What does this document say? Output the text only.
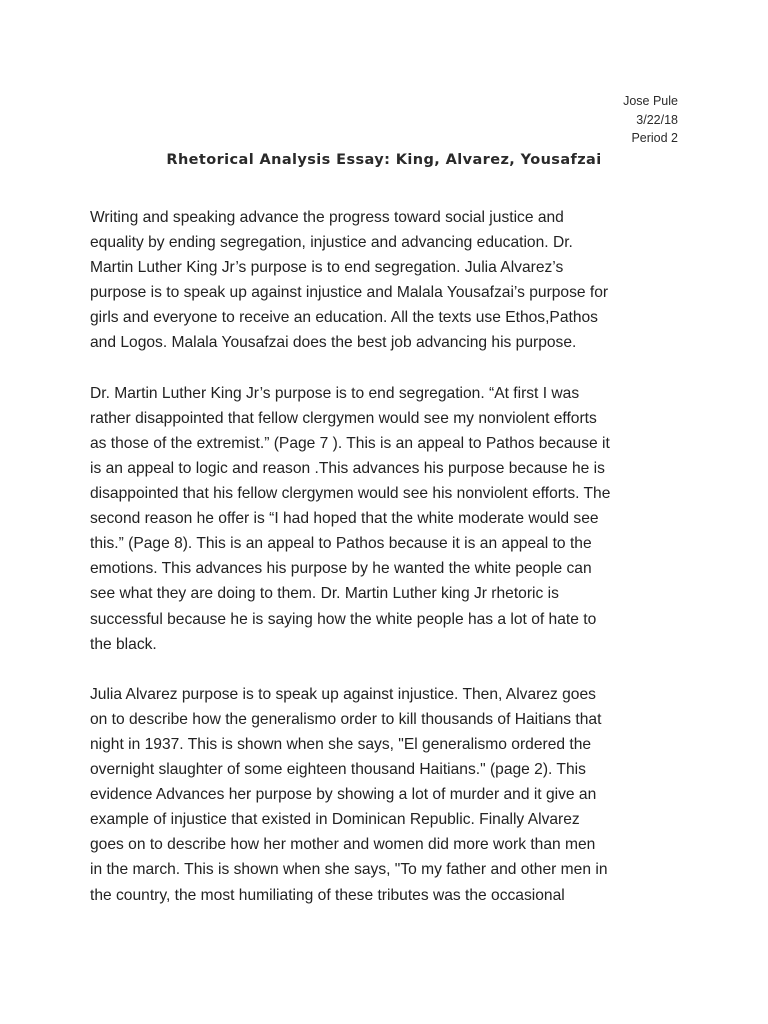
Jose Pule
3/22/18
Period 2
Rhetorical Analysis Essay: King, Alvarez, Yousafzai

Writing and speaking advance the progress toward social justice and
equality by ending segregation, injustice and advancing education. Dr.
Martin Luther King Jr’s purpose is to end segregation. Julia Alvarez’s
purpose is to speak up against injustice and Malala Yousafzai’s purpose for
girls and everyone to receive an education. All the texts use Ethos,Pathos
and Logos. Malala Yousafzai does the best job advancing his purpose.

Dr. Martin Luther King Jr’s purpose is to end segregation. “At first I was
rather disappointed that fellow clergymen would see my nonviolent efforts
as those of the extremist.” (Page 7 ). This is an appeal to Pathos because it
is an appeal to logic and reason .This advances his purpose because he is
disappointed that his fellow clergymen would see his nonviolent efforts. The
second reason he offer is “I had hoped that the white moderate would see
this.” (Page 8). This is an appeal to Pathos because it is an appeal to the
emotions. This advances his purpose by he wanted the white people can
see what they are doing to them. Dr. Martin Luther king Jr rhetoric is
successful because he is saying how the white people has a lot of hate to
the black.

Julia Alvarez purpose is to speak up against injustice. Then, Alvarez goes
on to describe how the generalismo order to kill thousands of Haitians that
night in 1937. This is shown when she says, "El generalismo ordered the
overnight slaughter of some eighteen thousand Haitians." (page 2). This
evidence Advances her purpose by showing a lot of murder and it give an
example of injustice that existed in Dominican Republic. Finally Alvarez
goes on to describe how her mother and women did more work than men
in the march. This is shown when she says, "To my father and other men in
the country, the most humiliating of these tributes was the occasional
